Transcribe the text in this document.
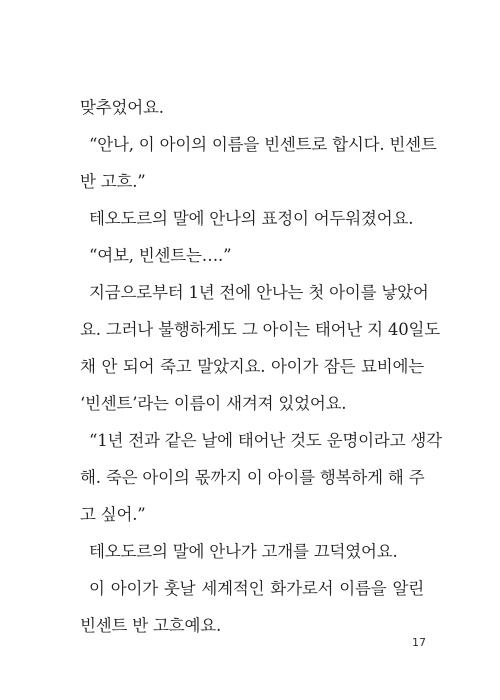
맞추었어요.
“안나, 이 아이의 이름을 빈센트로 합시다. 빈센트
반 고흐.”
테오도르의 말에 안나의 표정이 어두워졌어요.
“여보, 빈센트는….”
지금으로부터 1년 전에 안나는 첫 아이를 낳았어
요. 그러나 불행하게도 그 아이는 태어난 지 40일도
채 안 되어 죽고 말았지요. 아이가 잠든 묘비에는
‘빈센트’라는 이름이 새겨져 있었어요.
“1년 전과 같은 날에 태어난 것도 운명이라고 생각
해. 죽은 아이의 몫까지 이 아이를 행복하게 해 주
고 싶어.”
테오도르의 말에 안나가 고개를 끄덕였어요.
이 아이가 훗날 세계적인 화가로서 이름을 알린
빈센트 반 고흐예요.
17
